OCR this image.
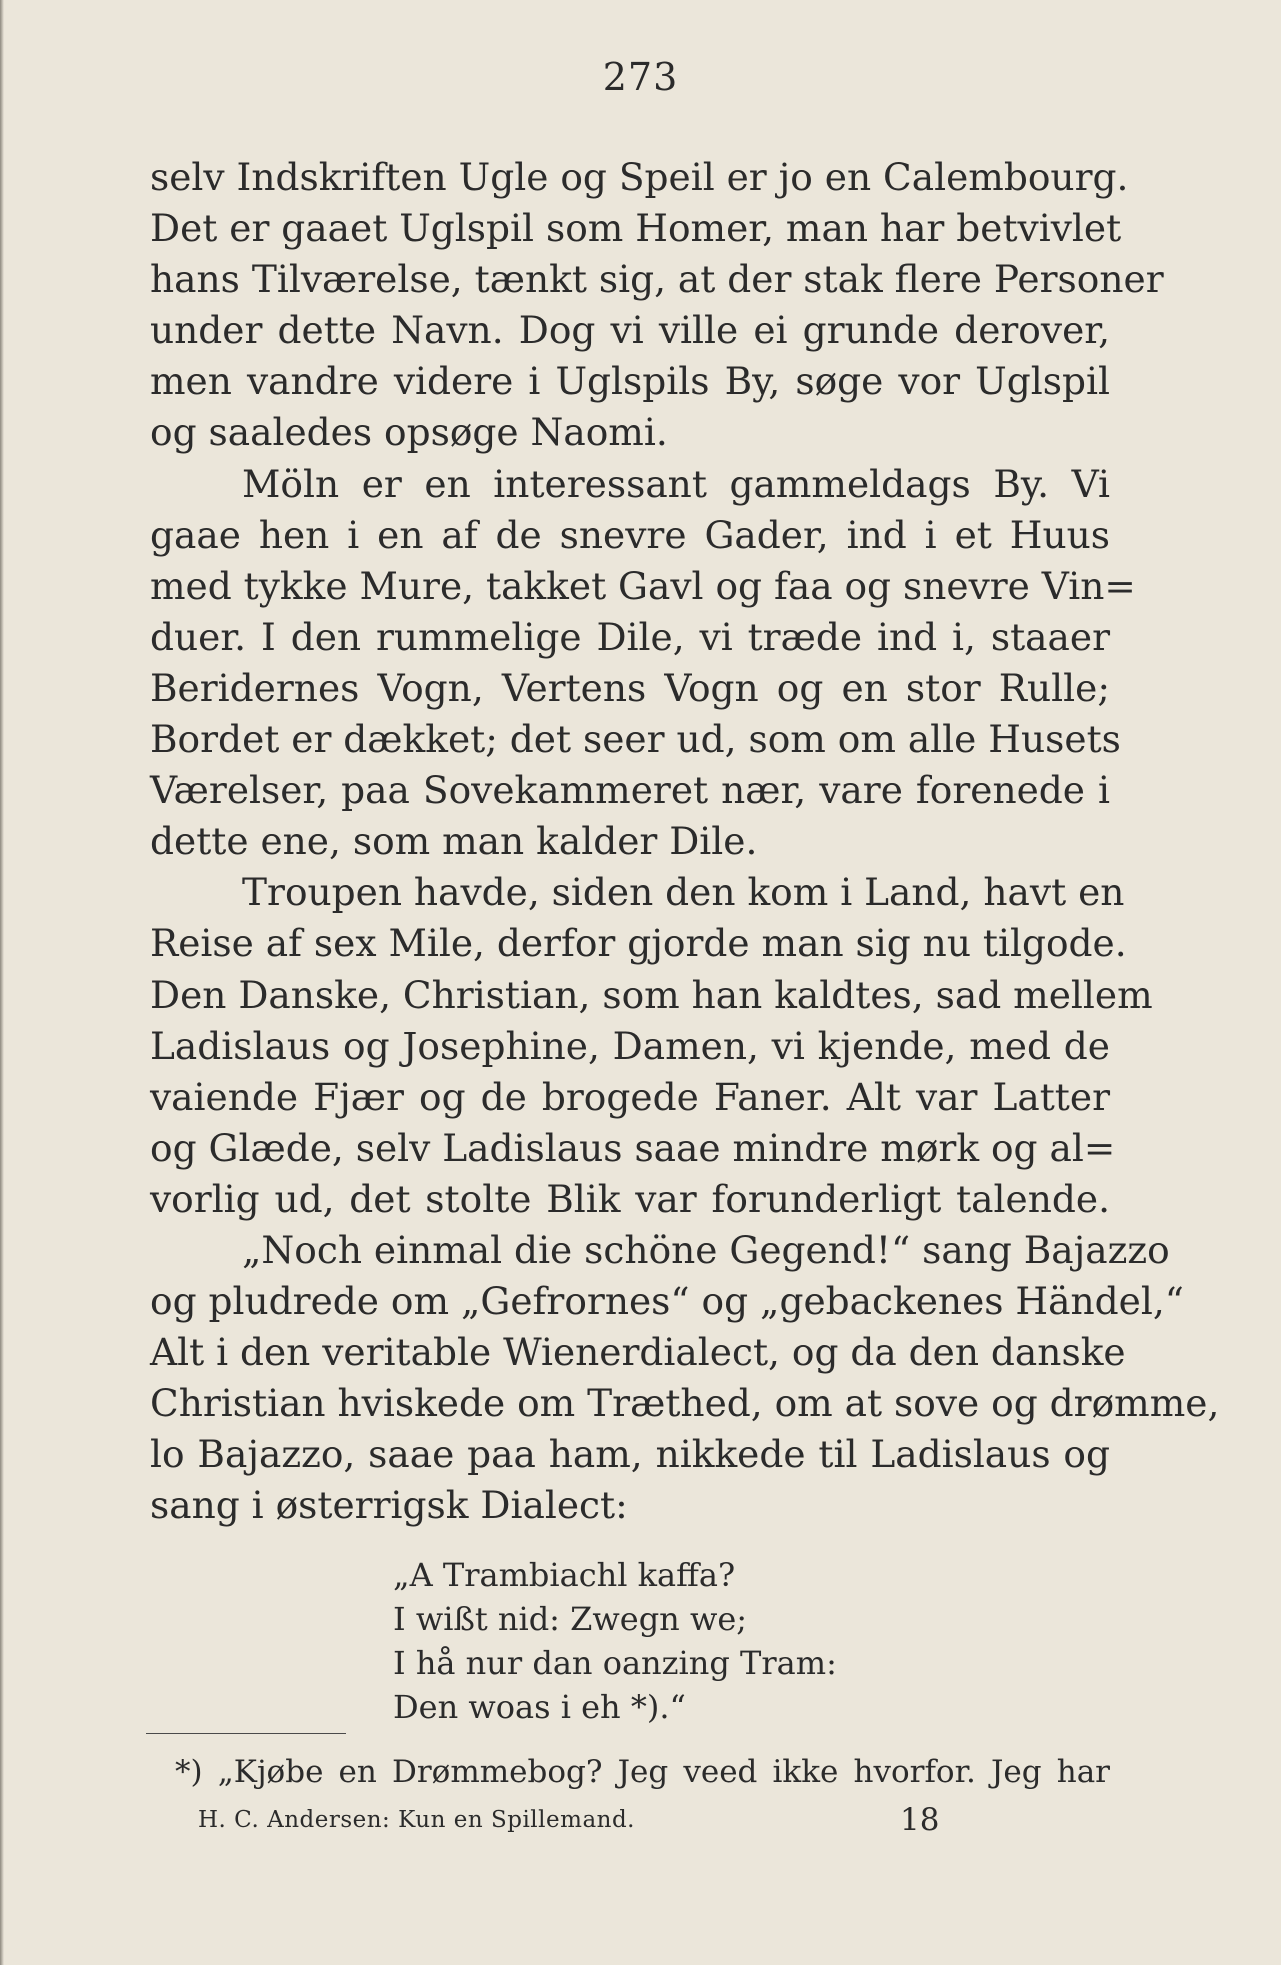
273
selv Indskriften Ugle og Speil er jo en Calembourg.
Det er gaaet Uglspil som Homer, man har betvivlet
hans Tilværelse, tænkt sig, at der stak flere Personer
under dette Navn. Dog vi ville ei grunde derover,
men vandre videre i Uglspils By, søge vor Uglspil
og saaledes opsøge Naomi.
Möln er en interessant gammeldags By. Vi
gaae hen i en af de snevre Gader, ind i et Huus
med tykke Mure, takket Gavl og faa og snevre Vin=
duer. I den rummelige Dile, vi træde ind i, staaer
Beridernes Vogn, Vertens Vogn og en stor Rulle;
Bordet er dækket; det seer ud, som om alle Husets
Værelser, paa Sovekammeret nær, vare forenede i
dette ene, som man kalder Dile.
Troupen havde, siden den kom i Land, havt en
Reise af sex Mile, derfor gjorde man sig nu tilgode.
Den Danske, Christian, som han kaldtes, sad mellem
Ladislaus og Josephine, Damen, vi kjende, med de
vaiende Fjær og de brogede Faner. Alt var Latter
og Glæde, selv Ladislaus saae mindre mørk og al=
vorlig ud, det stolte Blik var forunderligt talende.
„Noch einmal die schöne Gegend!“ sang Bajazzo
og pludrede om „Gefrornes“ og „gebackenes Händel,“
Alt i den veritable Wienerdialect, og da den danske
Christian hviskede om Træthed, om at sove og drømme,
lo Bajazzo, saae paa ham, nikkede til Ladislaus og
sang i østerrigsk Dialect:
„A Trambiachl kaffa?
I wißt nid: Zwegn we;
I hå nur dan oanzing Tram:
Den woas i eh *).“
*) „Kjøbe en Drømmebog? Jeg veed ikke hvorfor. Jeg har
H. C. Andersen: Kun en Spillemand.	18
